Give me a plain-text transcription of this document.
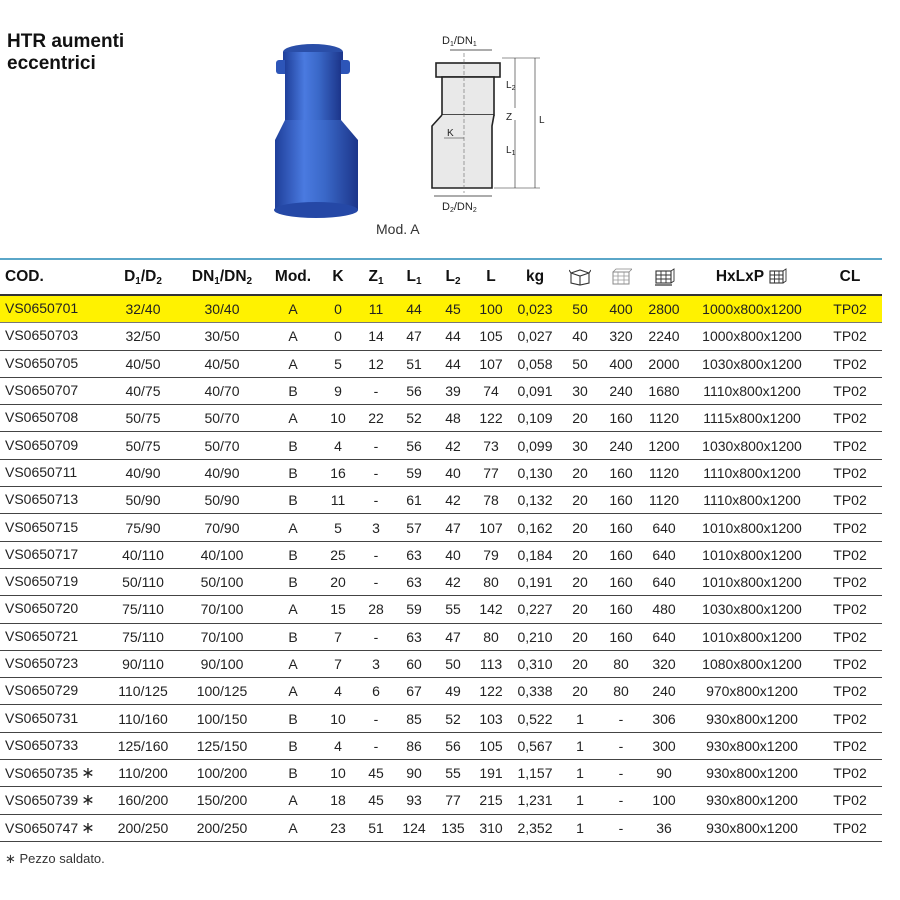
HTR aumenti
eccentrici
D1/DN1
K
L
$L_2$
Z
$L_1$
D2/DN2
Mod. A
COD.	$D_1/D_2$	$DN_1/DN_2$	Mod.	K	$Z_1$	$L_1$	$L_2$	L	kg				HxLxP	CL
VS0650701	32/40	30/40	A	0	11	44	45	100	0,023	50	400	2800	1000x800x1200	TP02
VS0650703	32/50	30/50	A	0	14	47	44	105	0,027	40	320	2240	1000x800x1200	TP02
VS0650705	40/50	40/50	A	5	12	51	44	107	0,058	50	400	2000	1030x800x1200	TP02
VS0650707	40/75	40/70	B	9	-	56	39	74	0,091	30	240	1680	1110x800x1200	TP02
VS0650708	50/75	50/70	A	10	22	52	48	122	0,109	20	160	1120	1115x800x1200	TP02
VS0650709	50/75	50/70	B	4	-	56	42	73	0,099	30	240	1200	1030x800x1200	TP02
VS0650711	40/90	40/90	B	16	-	59	40	77	0,130	20	160	1120	1110x800x1200	TP02
VS0650713	50/90	50/90	B	11	-	61	42	78	0,132	20	160	1120	1110x800x1200	TP02
VS0650715	75/90	70/90	A	5	3	57	47	107	0,162	20	160	640	1010x800x1200	TP02
VS0650717	40/110	40/100	B	25	-	63	40	79	0,184	20	160	640	1010x800x1200	TP02
VS0650719	50/110	50/100	B	20	-	63	42	80	0,191	20	160	640	1010x800x1200	TP02
VS0650720	75/110	70/100	A	15	28	59	55	142	0,227	20	160	480	1030x800x1200	TP02
VS0650721	75/110	70/100	B	7	-	63	47	80	0,210	20	160	640	1010x800x1200	TP02
VS0650723	90/110	90/100	A	7	3	60	50	113	0,310	20	80	320	1080x800x1200	TP02
VS0650729	110/125	100/125	A	4	6	67	49	122	0,338	20	80	240	970x800x1200	TP02
VS0650731	110/160	100/150	B	10	-	85	52	103	0,522	1	-	306	930x800x1200	TP02
VS0650733	125/160	125/150	B	4	-	86	56	105	0,567	1	-	300	930x800x1200	TP02
VS0650735 ∗	110/200	100/200	B	10	45	90	55	191	1,157	1	-	90	930x800x1200	TP02
VS0650739 ∗	160/200	150/200	A	18	45	93	77	215	1,231	1	-	100	930x800x1200	TP02
VS0650747 ∗	200/250	200/250	A	23	51	124	135	310	2,352	1	-	36	930x800x1200	TP02
∗ Pezzo saldato.
